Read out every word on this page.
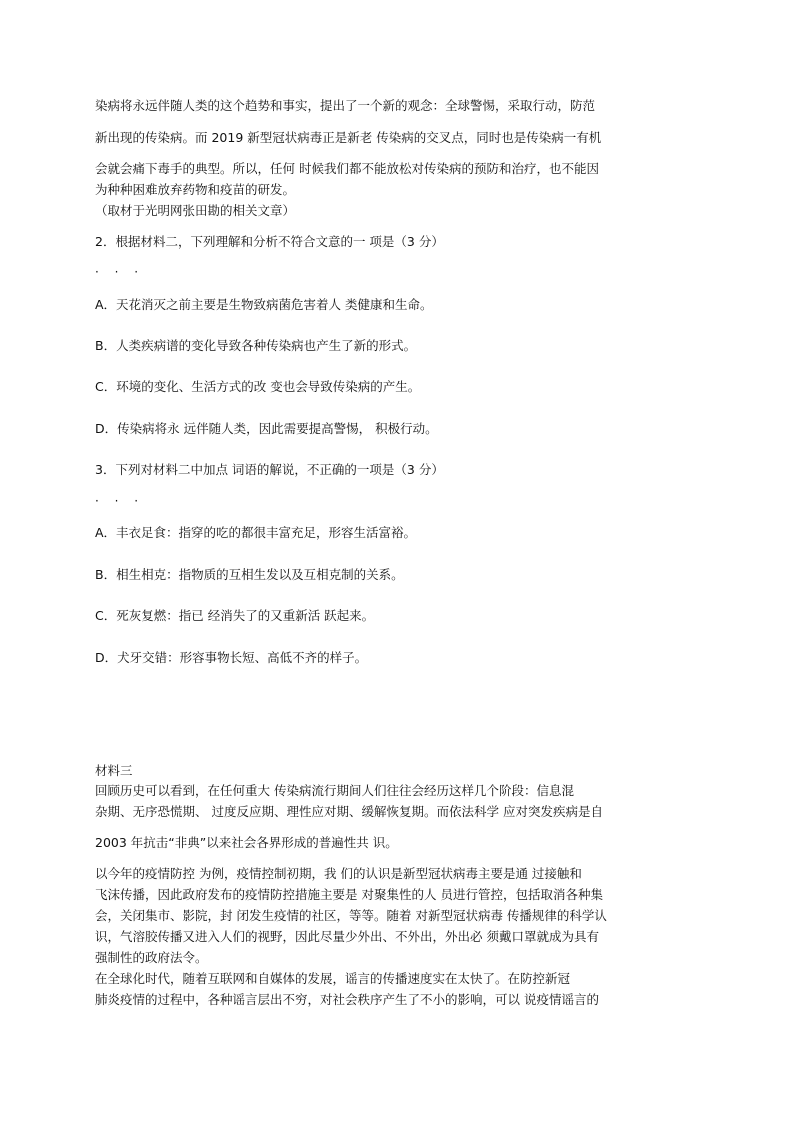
染病将永远伴随人类的这个趋势和事实，提出了一个新的观念：全球警惕，采取行动，防范
新出现的传染病。而 2019 新型冠状病毒正是新老 传染病的交叉点，同时也是传染病一有机
会就会痛下毒手的典型。所以，任何 时候我们都不能放松对传染病的预防和治疗，也不能因
为种种困难放弃药物和疫苗的研发。
（取材于光明网张田勘的相关文章）
2．根据材料二，下列理解和分析不符合文意的一 项是（3 分）
· · ·
A．天花消灭之前主要是生物致病菌危害着人 类健康和生命。
B．人类疾病谱的变化导致各种传染病也产生了新的形式。
C．环境的变化、生活方式的改 变也会导致传染病的产生。
D．传染病将永 远伴随人类，因此需要提高警惕， 积极行动。
3．下列对材料二中加点 词语的解说，不正确的一项是（3 分）
· · ·
A．丰衣足食：指穿的吃的都很丰富充足，形容生活富裕。
B．相生相克：指物质的互相生发以及互相克制的关系。
C．死灰复燃：指已 经消失了的又重新活 跃起来。
D．犬牙交错：形容事物长短、高低不齐的样子。
材料三
回顾历史可以看到，在任何重大 传染病流行期间人们往往会经历这样几个阶段：信息混
杂期、无序恐慌期、 过度反应期、理性应对期、缓解恢复期。而依法科学 应对突发疾病是自
2003 年抗击“非典”以来社会各界形成的普遍性共 识。
以今年的疫情防控 为例，疫情控制初期，我 们的认识是新型冠状病毒主要是通 过接触和
飞沫传播，因此政府发布的疫情防控措施主要是 对聚集性的人 员进行管控，包括取消各种集
会，关闭集市、影院，封 闭发生疫情的社区，等等。随着 对新型冠状病毒 传播规律的科学认
识，气溶胶传播又进入人们的视野，因此尽量少外出、不外出，外出必 须戴口罩就成为具有
强制性的政府法令。
在全球化时代，随着互联网和自媒体的发展，谣言的传播速度实在太快了。在防控新冠
肺炎疫情的过程中，各种谣言层出不穷，对社会秩序产生了不小的影响，可以 说疫情谣言的
